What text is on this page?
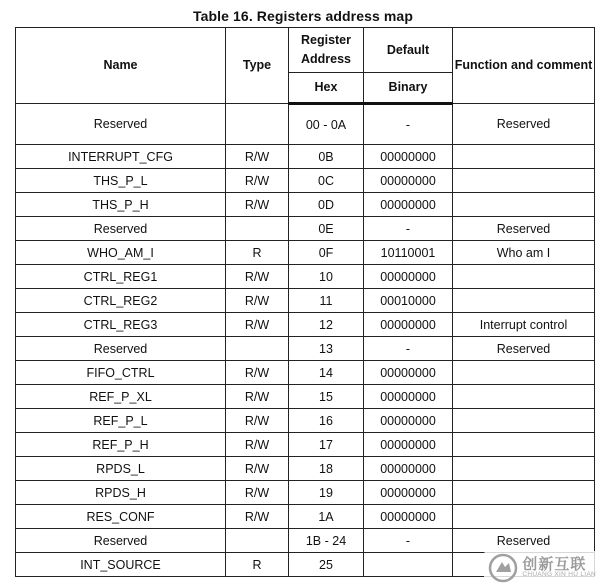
Table 16. Registers address map
Name	Type	Register Address	Default	Function and comment
		Hex	Binary	
Reserved		00 - 0A	-	Reserved
INTERRUPT_CFG	R/W	0B	00000000	
THS_P_L	R/W	0C	00000000	
THS_P_H	R/W	0D	00000000	
Reserved		0E	-	Reserved
WHO_AM_I	R	0F	10110001	Who am I
CTRL_REG1	R/W	10	00000000	
CTRL_REG2	R/W	11	00010000	
CTRL_REG3	R/W	12	00000000	Interrupt control
Reserved		13	-	Reserved
FIFO_CTRL	R/W	14	00000000	
REF_P_XL	R/W	15	00000000	
REF_P_L	R/W	16	00000000	
REF_P_H	R/W	17	00000000	
RPDS_L	R/W	18	00000000	
RPDS_H	R/W	19	00000000	
RES_CONF	R/W	1A	00000000	
Reserved		1B - 24	-	Reserved
INT_SOURCE	R	25			创新互联
CHUANG XIN HU LIAN
